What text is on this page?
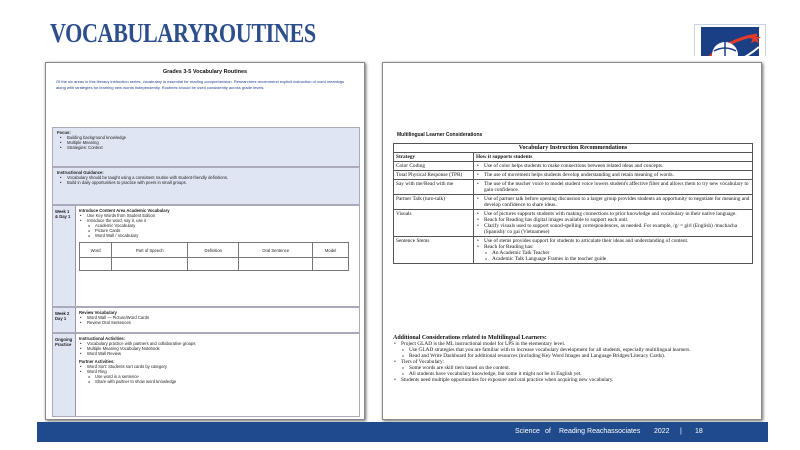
VOCABULARYROUTINES
Grades 3-5 Vocabulary Routines
Of the six areas in this literacy instruction series, vocabulary is essential for reading comprehension. Researchers recommend explicit instruction of word meanings along with strategies for learning new words independently. Routines should be used consistently across grade levels.
Focus:
• Building background knowledge
• Multiple Meaning
• Strategies: Context
Instructional Guidance:
• Vocabulary should be taught using a consistent routine with student-friendly definitions.
• Build in daily opportunities to practice with peers in small groups.
Week 1 & Day 1
Introduce Content Area Academic Vocabulary
• Use Key Words from Student Edition
• Introduce the word, say it, use it
o Academic Vocabulary
o Picture Cards
o Word Wall / Vocabulary
Word	Part of Speech	Definition	Oral Sentence	Model

Week 2 Day 1
Review Vocabulary
• Word Wall — Picture/Word Cards
• Review Oral Sentences
Ongoing Practice
Instructional Activities:
• Vocabulary practice with partners and collaborative groups
• Multiple Meaning Vocabulary Notebook
• Word Wall Review
Partner Activities:
• Word Sort: Students sort cards by category
• Word Ring
o Use word in a sentence
o Share with partner to show word knowledge
Multilingual Learner Considerations
Vocabulary Instruction Recommendations	
Strategy	How it supports students
Color Coding	• Use of color helps students to make connections between related ideas and concepts.

Total Physical Response (TPR)	• The use of movement helps students develop understanding and retain meaning of words.

Say with me/Read with me	• The use of the teacher voice to model student voice lowers student's affective filter and allows them to try new vocabulary to gain confidence.

Partner Talk (turn-talk)	• Use of partner talk before opening discussion to a larger group provides students an opportunity to negotiate for meaning and develop confidence to share ideas.

Visuals	• Use of pictures supports students with making connections to prior knowledge and vocabulary in their native language.
• Reach for Reading has digital images available to support each unit.
• Clarify visuals used to support sound-spelling correspondences, as needed. For example, /g/ = girl (English) /muchacha (Spanish)/ co gai (Vietnamese)

Sentence Stems	• Use of stems provides support for students to articulate their ideas and understanding of content.
• Reach for Reading has:
o An Academic Talk Teacher
o Academic Talk Language Frames in the teacher guide
Additional Considerations related to Multilingual Learners:
• Project GLAD is the ML instructional model for LPS in the elementary level.
o Use GLAD strategies that you are familiar with to increase vocabulary development for all students, especially multilingual learners.
o Read and Write Dashboard for additional resources (including Key Word Images and Language Bridges/Literacy Cards).
• Tiers of Vocabulary:
o Some words are skill tiers based on the content.
o All students have vocabulary knowledge, but some it might not be in English yet.
• Students need multiple opportunities for exposure and oral practice when acquiring new vocabulary.
Science of Reading Reachassociates 2022 | 18
